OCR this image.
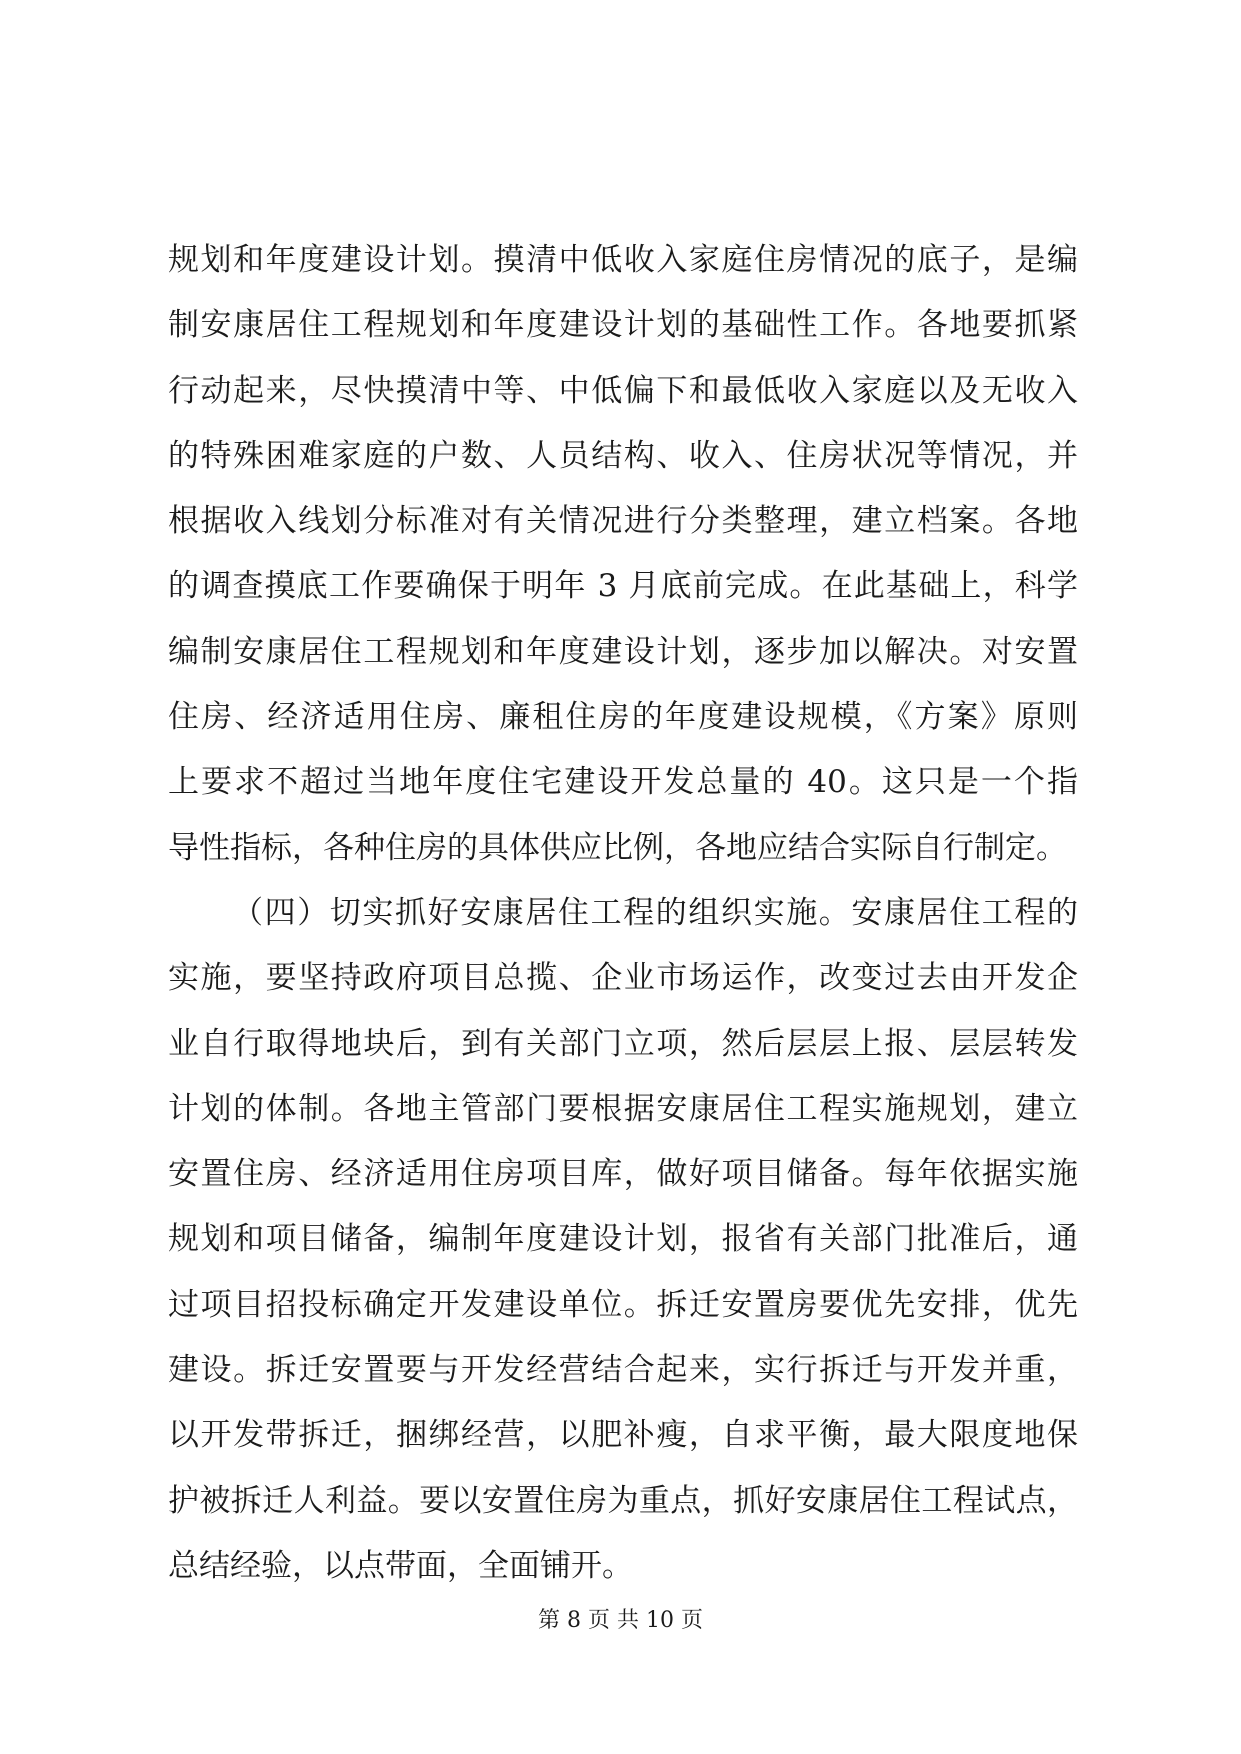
规划和年度建设计划。摸清中低收入家庭住房情况的底子，是编
制安康居住工程规划和年度建设计划的基础性工作。各地要抓紧
行动起来，尽快摸清中等、中低偏下和最低收入家庭以及无收入
的特殊困难家庭的户数、人员结构、收入、住房状况等情况，并
根据收入线划分标准对有关情况进行分类整理，建立档案。各地
的调查摸底工作要确保于明年 3 月底前完成。在此基础上，科学
编制安康居住工程规划和年度建设计划，逐步加以解决。对安置
住房、经济适用住房、廉租住房的年度建设规模，《方案》原则
上要求不超过当地年度住宅建设开发总量的 40。这只是一个指
导性指标，各种住房的具体供应比例，各地应结合实际自行制定。
（四）切实抓好安康居住工程的组织实施。安康居住工程的
实施，要坚持政府项目总揽、企业市场运作，改变过去由开发企
业自行取得地块后，到有关部门立项，然后层层上报、层层转发
计划的体制。各地主管部门要根据安康居住工程实施规划，建立
安置住房、经济适用住房项目库，做好项目储备。每年依据实施
规划和项目储备，编制年度建设计划，报省有关部门批准后，通
过项目招投标确定开发建设单位。拆迁安置房要优先安排，优先
建设。拆迁安置要与开发经营结合起来，实行拆迁与开发并重，
以开发带拆迁，捆绑经营，以肥补瘦，自求平衡，最大限度地保
护被拆迁人利益。要以安置住房为重点，抓好安康居住工程试点，
总结经验，以点带面，全面铺开。
第 8 页 共 10 页
